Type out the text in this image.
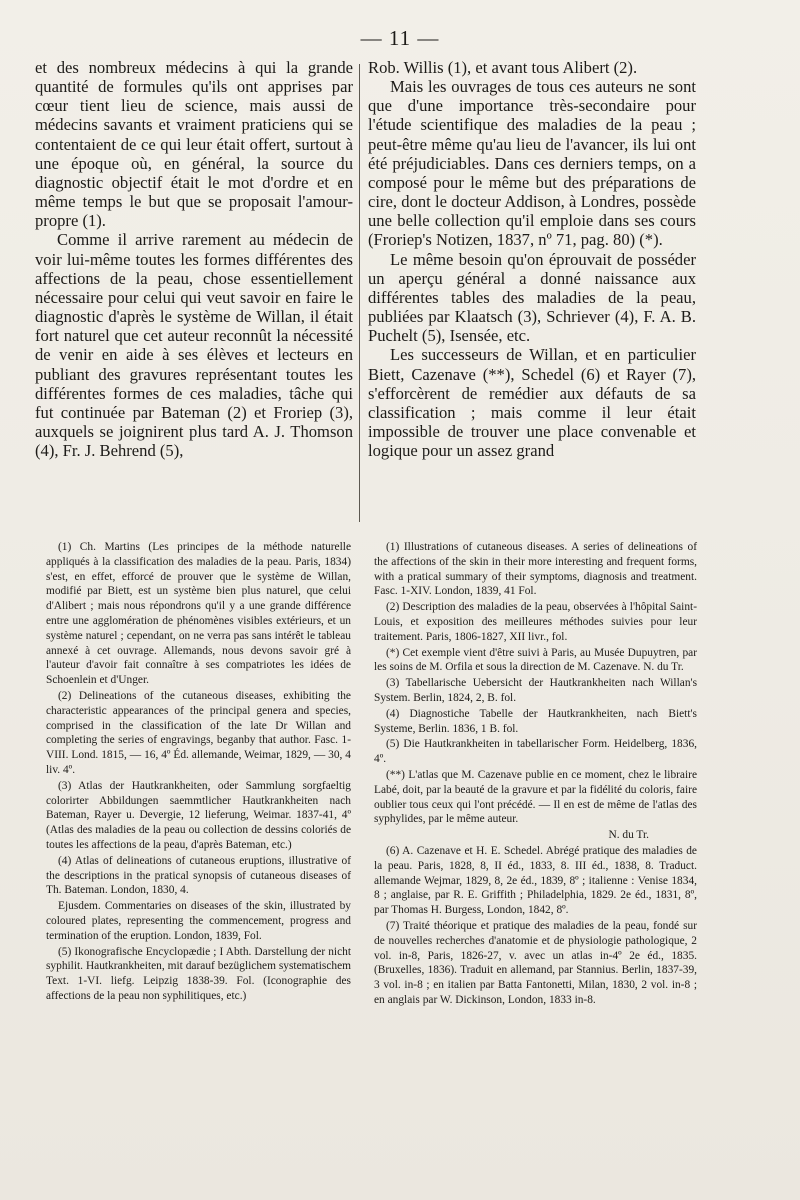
— 11 —

et des nombreux médecins à qui la grande quantité de formules qu'ils ont apprises par cœur tient lieu de science, mais aussi de médecins savants et vraiment praticiens qui se contentaient de ce qui leur était offert, surtout à une époque où, en général, la source du diagnostic objectif était le mot d'ordre et en même temps le but que se proposait l'amour-propre (1).

Comme il arrive rarement au médecin de voir lui-même toutes les formes différentes des affections de la peau, chose essentiellement nécessaire pour celui qui veut savoir en faire le diagnostic d'après le système de Willan, il était fort naturel que cet auteur reconnût la nécessité de venir en aide à ses élèves et lecteurs en publiant des gravures représentant toutes les différentes formes de ces maladies, tâche qui fut continuée par Bateman (2) et Froriep (3), auxquels se joignirent plus tard A. J. Thomson (4), Fr. J. Behrend (5),

Rob. Willis (1), et avant tous Alibert (2).

Mais les ouvrages de tous ces auteurs ne sont que d'une importance très-secondaire pour l'étude scientifique des maladies de la peau ; peut-être même qu'au lieu de l'avancer, ils lui ont été préjudiciables. Dans ces derniers temps, on a composé pour le même but des préparations de cire, dont le docteur Addison, à Londres, possède une belle collection qu'il emploie dans ses cours (Froriep's Notizen, 1837, nº 71, pag. 80) (*).

Le même besoin qu'on éprouvait de posséder un aperçu général a donné naissance aux différentes tables des maladies de la peau, publiées par Klaatsch (3), Schriever (4), F. A. B. Puchelt (5), Isensée, etc.

Les successeurs de Willan, et en particulier Biett, Cazenave (**), Schedel (6) et Rayer (7), s'efforcèrent de remédier aux défauts de sa classification ; mais comme il leur était impossible de trouver une place convenable et logique pour un assez grand

(1) Ch. Martins (Les principes de la méthode naturelle appliqués à la classification des maladies de la peau. Paris, 1834) s'est, en effet, efforcé de prouver que le système de Willan, modifié par Biett, est un système bien plus naturel, que celui d'Alibert ; mais nous répondrons qu'il y a une grande différence entre une agglomération de phénomènes visibles extérieurs, et un système naturel ; cependant, on ne verra pas sans intérêt le tableau annexé à cet ouvrage. Allemands, nous devons savoir gré à l'auteur d'avoir fait connaître à ses compatriotes les idées de Schoenlein et d'Unger.

(2) Delineations of the cutaneous diseases, exhibiting the characteristic appearances of the principal genera and species, comprised in the classification of the late Dr Willan and completing the series of engravings, beganby that author. Fasc. 1-VIII. Lond. 1815, — 16, 4º Éd. allemande, Weimar, 1829, — 30, 4 liv. 4º.

(3) Atlas der Hautkrankheiten, oder Sammlung sorgfaeltig colorirter Abbildungen saemmtlicher Hautkrankheiten nach Bateman, Rayer u. Devergie, 12 lieferung, Weimar. 1837-41, 4º (Atlas des maladies de la peau ou collection de dessins coloriés de toutes les affections de la peau, d'après Bateman, etc.)

(4) Atlas of delineations of cutaneous eruptions, illustrative of the descriptions in the pratical synopsis of cutaneous diseases of Th. Bateman. London, 1830, 4.

Ejusdem. Commentaries on diseases of the skin, illustrated by coloured plates, representing the commencement, progress and termination of the eruption. London, 1839, Fol.

(5) Ikonografische Encyclopædie ; I Abth. Darstellung der nicht syphilit. Hautkrankheiten, mit darauf bezüglichem systematischem Text. 1-VI. liefg. Leipzig 1838-39. Fol. (Iconographie des affections de la peau non syphilitiques, etc.)

(1) Illustrations of cutaneous diseases. A series of delineations of the affections of the skin in their more interesting and frequent forms, with a pratical summary of their symptoms, diagnosis and treatment. Fasc. 1-XIV. London, 1839, 41 Fol.

(2) Description des maladies de la peau, observées à l'hôpital Saint-Louis, et exposition des meilleures méthodes suivies pour leur traitement. Paris, 1806-1827, XII livr., fol.

(*) Cet exemple vient d'être suivi à Paris, au Musée Dupuytren, par les soins de M. Orfila et sous la direction de M. Cazenave. N. du Tr.

(3) Tabellarische Uebersicht der Hautkrankheiten nach Willan's System. Berlin, 1824, 2, B. fol.

(4) Diagnostiche Tabelle der Hautkrankheiten, nach Biett's Systeme, Berlin. 1836, 1 B. fol.

(5) Die Hautkrankheiten in tabellarischer Form. Heidelberg, 1836, 4º.

(**) L'atlas que M. Cazenave publie en ce moment, chez le libraire Labé, doit, par la beauté de la gravure et par la fidélité du coloris, faire oublier tous ceux qui l'ont précédé. — Il en est de même de l'atlas des syphylides, par le même auteur.

N. du Tr.

(6) A. Cazenave et H. E. Schedel. Abrégé pratique des maladies de la peau. Paris, 1828, 8, II éd., 1833, 8. III éd., 1838, 8. Traduct. allemande Wejmar, 1829, 8, 2e éd., 1839, 8º ; italienne : Venise 1834, 8 ; anglaise, par R. E. Griffith ; Philadelphia, 1829. 2e éd., 1831, 8º, par Thomas H. Burgess, London, 1842, 8º.

(7) Traité théorique et pratique des maladies de la peau, fondé sur de nouvelles recherches d'anatomie et de physiologie pathologique, 2 vol. in-8, Paris, 1826-27, v. avec un atlas in-4º 2e éd., 1835. (Bruxelles, 1836). Traduit en allemand, par Stannius. Berlin, 1837-39, 3 vol. in-8 ; en italien par Batta Fantonetti, Milan, 1830, 2 vol. in-8 ; en anglais par W. Dickinson, London, 1833 in-8.
